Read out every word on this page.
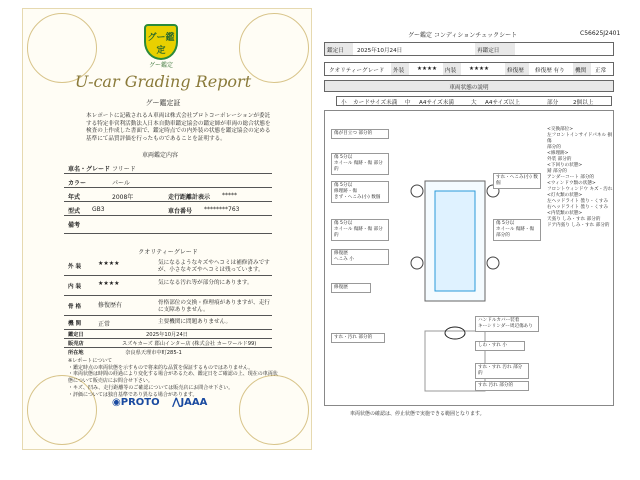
グー鑑定
グー鑑定
U-car Grading Report
グー鑑定証
本レポートに記載されるＡ車両は株式会社プロトコーポレーションが委託する特定非営利活動法人日本自動車鑑定協会の鑑定師が車両の総合状態を検査の上作成した書面で、鑑定時点での内外装の状態を鑑定協会の定める基準にて品質評価を行ったものであることを証明する。
車両鑑定内容
車名・グレード フリード
カラー	パール
年式	2008年	走行距離計表示 *****
型式 GB3	車台番号 ********763
備考
クオリティーグレード
外 装	★★★★	気になるようなキズやヘコミは補修済みですが、小さなキズやヘコミは残っています。
内 装	★★★★	気になる汚れ等が部分的にあります。
骨 格	修復歴有	骨格部位の交換・修理痕がありますが、走行に支障ありません。
機 関	正常	主要機関に問題ありません。
鑑定日	2025年10月24日
販売店	スズキカーズ 郡山インター店 (株式会社 カーワールド99)
所在地	奈良県天理市中町285-1
※レポートについて
・鑑定時点の車両状態を示すもので将来的な品質を保証するものではありません。
・車両状態は時間の経過により変化する場合があるため、鑑定日をご確認の上、現在の車両状態について販売店にお問合せ下さい。
・キズ、凹み、走行距離等のご確認については販売店にお問合せ下さい。
・評価については独自基準であり異なる場合があります。
◉PROTO ⋀JAAA
グー鑑定 コンディションチェックシート	C56625J2401
鑑定日	2025年10月24日	再鑑定日
クオリティーグレード	外装	★★★★	内装	★★★★	修復歴	修復歴 有り	機関	正常
車両状態の説明
小 カードサイズ未満 中 A4サイズ未満	大 A4サイズ以上	部分	2個以上
傷が目立つ 部分的
傷 5分以
ホイール 傷跡・傷 部分的
傷 5分以
修理跡・傷
きず・へこみ(小) 数個
傷 5分以
ホイール 傷跡・傷 部分的
修復歴
へこみ 小
修復歴
ハンドルカバー装着
キーシリンダー周辺傷あり
しわ・すれ 小
すれ・汚れ 部分的
すれ・すれ 汚れ 部分的
すれ 汚れ 部分的
傷 5分以
ホイール 傷跡・傷 部分的
すれ・へこみ(小) 数個
<交換部位>
左フロントインサイドパネル 損傷
部分的
<修理跡>
外装 部分的
<下回りの状態>
錆 部分的
アンダーコート 部分的
<ウィンドウ類の状態>
フロントウィンドウ キズ・汚れ
<灯火類の状態>
左ヘッドライト 曇り・くすみ
右ヘッドライト 曇り・くすみ
<内装類の状態>
天張り しみ・すれ 部分的
ドア内張り しみ・すれ 部分的
車両状態の確認は、停止状態で実施できる範囲となります。
